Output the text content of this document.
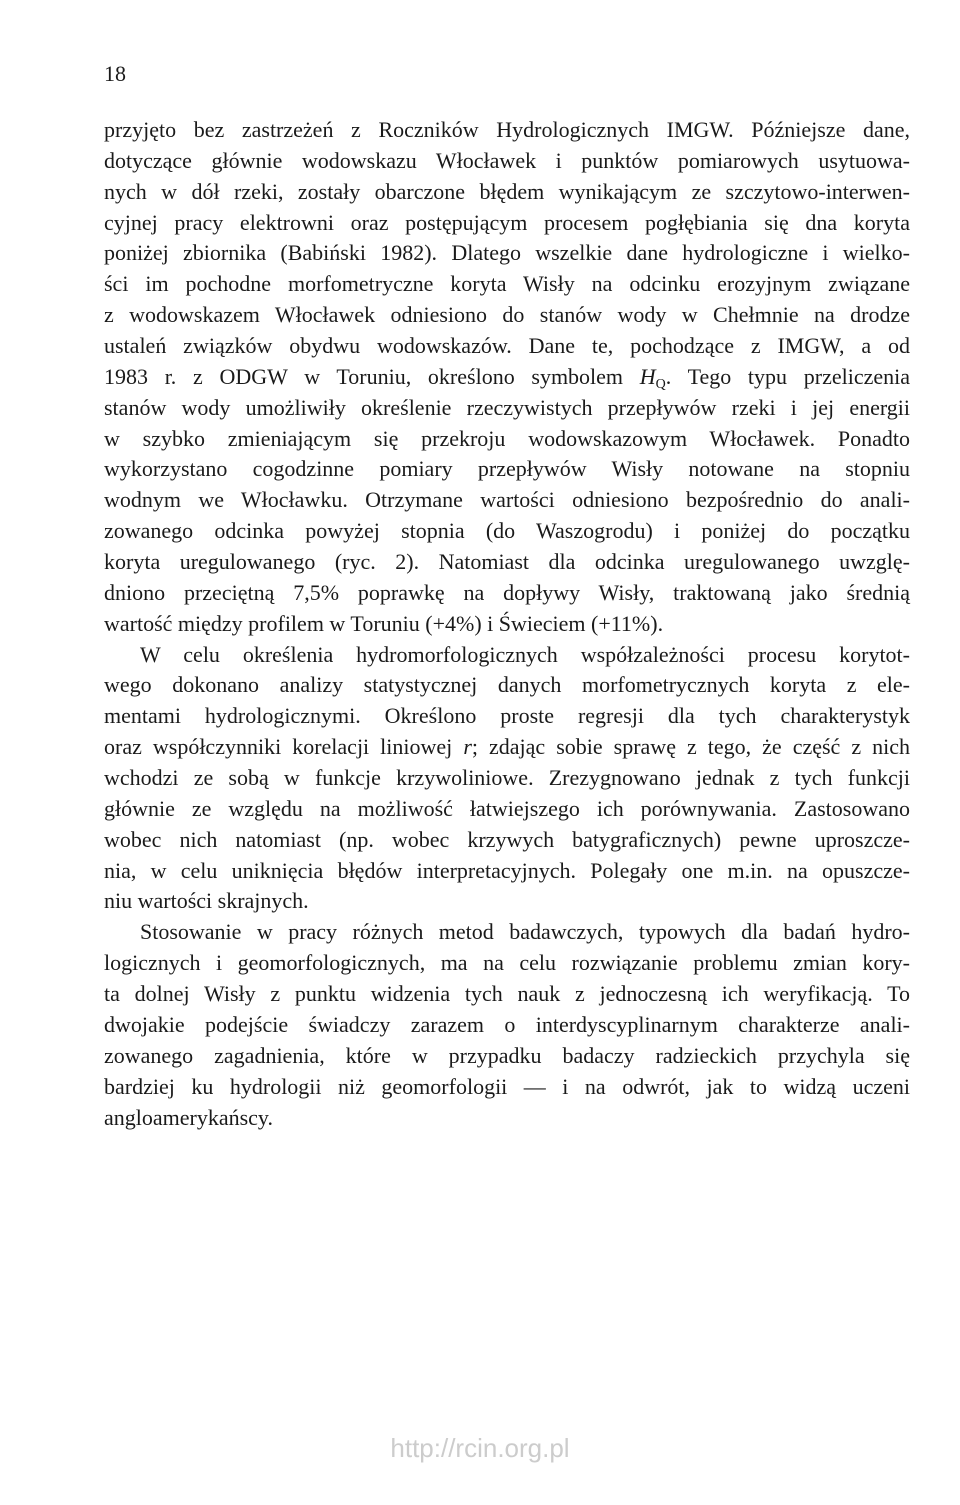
18
przyjęto bez zastrzeżeń z Roczników Hydrologicznych IMGW. Późniejsze dane,
dotyczące głównie wodowskazu Włocławek i punktów pomiarowych usytuowa-
nych w dół rzeki, zostały obarczone błędem wynikającym ze szczytowo-interwen-
cyjnej pracy elektrowni oraz postępującym procesem pogłębiania się dna koryta
poniżej zbiornika (Babiński 1982). Dlatego wszelkie dane hydrologiczne i wielko-
ści im pochodne morfometryczne koryta Wisły na odcinku erozyjnym związane
z wodowskazem Włocławek odniesiono do stanów wody w Chełmnie na drodze
ustaleń związków obydwu wodowskazów. Dane te, pochodzące z IMGW, a od
1983 r. z ODGW w Toruniu, określono symbolem $H_Q$. Tego typu przeliczenia
stanów wody umożliwiły określenie rzeczywistych przepływów rzeki i jej energii
w szybko zmieniającym się przekroju wodowskazowym Włocławek. Ponadto
wykorzystano cogodzinne pomiary przepływów Wisły notowane na stopniu
wodnym we Włocławku. Otrzymane wartości odniesiono bezpośrednio do anali-
zowanego odcinka powyżej stopnia (do Waszogrodu) i poniżej do początku
koryta uregulowanego (ryc. 2). Natomiast dla odcinka uregulowanego uwzglę-
dniono przeciętną 7,5% poprawkę na dopływy Wisły, traktowaną jako średnią
wartość między profilem w Toruniu (+4%) i Świeciem (+11%).
W celu określenia hydromorfologicznych współzależności procesu korytot-
wego dokonano analizy statystycznej danych morfometrycznych koryta z ele-
mentami hydrologicznymi. Określono proste regresji dla tych charakterystyk
oraz współczynniki korelacji liniowej r; zdając sobie sprawę z tego, że część z nich
wchodzi ze sobą w funkcje krzywoliniowe. Zrezygnowano jednak z tych funkcji
głównie ze względu na możliwość łatwiejszego ich porównywania. Zastosowano
wobec nich natomiast (np. wobec krzywych batygraficznych) pewne uproszcze-
nia, w celu uniknięcia błędów interpretacyjnych. Polegały one m.in. na opuszcze-
niu wartości skrajnych.
Stosowanie w pracy różnych metod badawczych, typowych dla badań hydro-
logicznych i geomorfologicznych, ma na celu rozwiązanie problemu zmian kory-
ta dolnej Wisły z punktu widzenia tych nauk z jednoczesną ich weryfikacją. To
dwojakie podejście świadczy zarazem o interdyscyplinarnym charakterze anali-
zowanego zagadnienia, które w przypadku badaczy radzieckich przychyla się
bardziej ku hydrologii niż geomorfologii — i na odwrót, jak to widzą uczeni
angloamerykańscy.
http://rcin.org.pl
